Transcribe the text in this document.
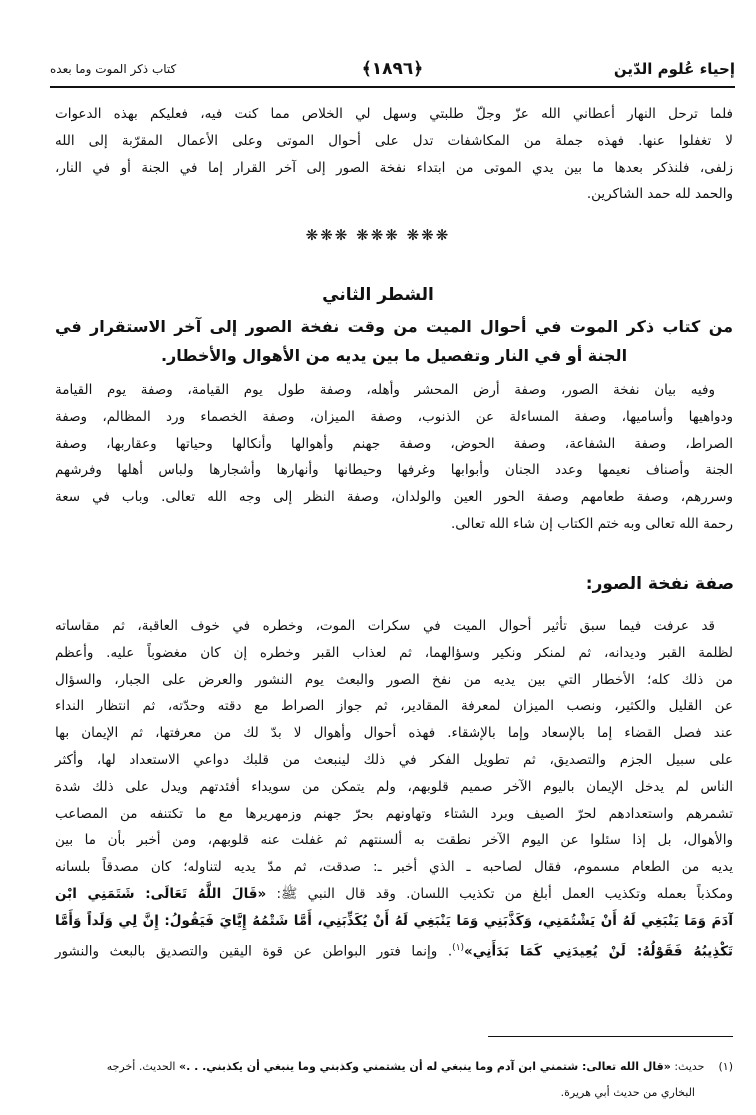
إحياء عُلوم الدّين
﴿١٨٩٦﴾
كتاب ذكر الموت وما بعده
فلما ترحل النهار أعطاني الله عزّ وجلّ طلبتي وسهل لي الخلاص مما كنت فيه، فعليكم بهذه الدعوات
لا تغفلوا عنها. فهذه جملة من المكاشفات تدل على أحوال الموتى وعلى الأعمال المقرّبة إلى الله
زلفى، فلنذكر بعدها ما بين يدي الموتى من ابتداء نفخة الصور إلى آخر القرار إما في الجنة أو في النار،
والحمد لله حمد الشاكرين.
❋❋❋ ❋❋❋ ❋❋❋
الشطر الثاني
من كتاب ذكر الموت في أحوال الميت من وقت نفخة الصور إلى آخر الاستقرار في
الجنة أو في النار وتفصيل ما بين يديه من الأهوال والأخطار.
وفيه بيان نفخة الصور، وصفة أرض المحشر وأهله، وصفة طول يوم القيامة، وصفة يوم القيامة
ودواهيها وأساميها، وصفة المساءلة عن الذنوب، وصفة الميزان، وصفة الخصماء ورد المظالم، وصفة
الصراط، وصفة الشفاعة، وصفة الحوض، وصفة جهنم وأهوالها وأنكالها وحياتها وعقاربها، وصفة
الجنة وأصناف نعيمها وعدد الجنان وأبوابها وغرفها وحيطانها وأنهارها وأشجارها ولباس أهلها وفرشهم
وسررهم، وصفة طعامهم وصفة الحور العين والولدان، وصفة النظر إلى وجه الله تعالى. وباب في سعة
رحمة الله تعالى وبه ختم الكتاب إن شاء الله تعالى.
صفة نفخة الصور:
قد عرفت فيما سبق تأثير أحوال الميت في سكرات الموت، وخطره في خوف العاقبة، ثم مقاساته
لظلمة القبر وديدانه، ثم لمنكر ونكير وسؤالهما، ثم لعذاب القبر وخطره إن كان مغضوباً عليه. وأعظم
من ذلك كله؛ الأخطار التي بين يديه من نفخ الصور والبعث يوم النشور والعرض على الجبار، والسؤال
عن القليل والكثير، ونصب الميزان لمعرفة المقادير، ثم جواز الصراط مع دقته وحدّته، ثم انتظار النداء
عند فصل القضاء إما بالإسعاد وإما بالإشقاء. فهذه أحوال وأهوال لا بدّ لك من معرفتها، ثم الإيمان بها
على سبيل الجزم والتصديق، ثم تطويل الفكر في ذلك لينبعث من قلبك دواعي الاستعداد لها، وأكثر
الناس لم يدخل الإيمان باليوم الآخر صميم قلوبهم، ولم يتمكن من سويداء أفئدتهم ويدل على ذلك شدة
تشمرهم واستعدادهم لحرّ الصيف وبرد الشتاء وتهاونهم بحرّ جهنم وزمهريرها مع ما تكتنفه من المصاعب
والأهوال، بل إذا سئلوا عن اليوم الآخر نطقت به ألسنتهم ثم غفلت عنه قلوبهم، ومن أخبر بأن ما بين
يديه من الطعام مسموم، فقال لصاحبه ـ الذي أخبر ـ: صدقت، ثم مدّ يديه لتناوله؛ كان مصدقاً بلسانه
ومكذباً بعمله وتكذيب العمل أبلغ من تكذيب اللسان. وقد قال النبي ﷺ: «قَالَ اللَّهُ تَعَالَى: شَتَمَنِي ابْن
آدَمَ وَمَا يَنْبَغِي لَهُ أَنْ يَشْتُمَنِي، وَكَذَّبَنِي وَمَا يَنْبَغِي لَهُ أَنْ يُكَذِّبَنِي، أَمَّا شَتْمُهُ إِيَّايَ فَيَقُولُ: إِنَّ لِي وَلَداً وَأَمَّا
تَكْذِيبُهُ فَقَوْلُهُ: لَنْ يُعِيدَنِي كَمَا بَدَأَنِي»$^{(١)}$. وإنما فتور البواطن عن قوة اليقين والتصديق بالبعث والنشور
(١)    حديث: «قال الله تعالى: شتمني ابن آدم وما ينبغي له أن يشتمني وكذبني وما ينبغي أن يكذبني. . .» الحديث. أخرجه
البخاري من حديث أبي هريرة.
